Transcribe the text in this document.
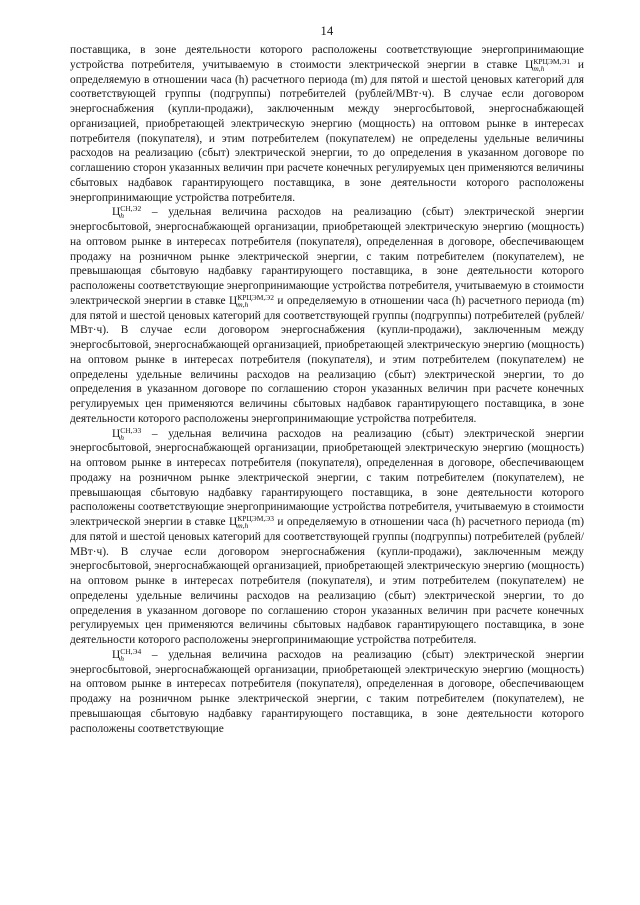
14

поставщика, в зоне деятельности которого расположены соответствующие энергопринимающие устройства потребителя, учитываемую в стоимости электрической энергии в ставке Ц КРЦЭМ,Э1
m,h	и определяемую в отношении часа (h) расчетного периода (m) для пятой и шестой ценовых категорий для соответствующей группы (подгруппы) потребителей (рублей/МВт·ч). В случае если договором энергоснабжения (купли-продажи), заключенным между энергосбытовой, энергоснабжающей организацией, приобретающей электрическую энергию (мощность) на оптовом рынке в интересах потребителя (покупателя), и этим потребителем (покупателем) не определены удельные величины расходов на реализацию (сбыт) электрической энергии, то до определения в указанном договоре по соглашению сторон указанных величин при расчете конечных регулируемых цен применяются величины сбытовых надбавок гарантирующего поставщика, в зоне деятельности которого расположены энергопринимающие устройства потребителя.

Ц СН,Э2
h	– удельная величина расходов на реализацию (сбыт) электрической энергии энергосбытовой, энергоснабжающей организации, приобретающей электрическую энергию (мощность) на оптовом рынке в интересах потребителя (покупателя), определенная в договоре, обеспечивающем продажу на розничном рынке электрической энергии, с таким потребителем (покупателем), не превышающая сбытовую надбавку гарантирующего поставщика, в зоне деятельности которого расположены соответствующие энергопринимающие устройства потребителя, учитываемую в стоимости электрической энергии в ставке Ц КРЦЭМ,Э2
m,h	и определяемую в отношении часа (h) расчетного периода (m) для пятой и шестой ценовых категорий для соответствующей группы (подгруппы) потребителей (рублей/МВт·ч). В случае если договором энергоснабжения (купли-продажи), заключенным между энергосбытовой, энергоснабжающей организацией, приобретающей электрическую энергию (мощность) на оптовом рынке в интересах потребителя (покупателя), и этим потребителем (покупателем) не определены удельные величины расходов на реализацию (сбыт) электрической энергии, то до определения в указанном договоре по соглашению сторон указанных величин при расчете конечных регулируемых цен применяются величины сбытовых надбавок гарантирующего поставщика, в зоне деятельности которого расположены энергопринимающие устройства потребителя.

Ц СН,Э3
h	– удельная величина расходов на реализацию (сбыт) электрической энергии энергосбытовой, энергоснабжающей организации, приобретающей электрическую энергию (мощность) на оптовом рынке в интересах потребителя (покупателя), определенная в договоре, обеспечивающем продажу на розничном рынке электрической энергии, с таким потребителем (покупателем), не превышающая сбытовую надбавку гарантирующего поставщика, в зоне деятельности которого расположены соответствующие энергопринимающие устройства потребителя, учитываемую в стоимости электрической энергии в ставке Ц КРЦЭМ,Э3
m,h	и определяемую в отношении часа (h) расчетного периода (m) для пятой и шестой ценовых категорий для соответствующей группы (подгруппы) потребителей (рублей/МВт·ч). В случае если договором энергоснабжения (купли-продажи), заключенным между энергосбытовой, энергоснабжающей организацией, приобретающей электрическую энергию (мощность) на оптовом рынке в интересах потребителя (покупателя), и этим потребителем (покупателем) не определены удельные величины расходов на реализацию (сбыт) электрической энергии, то до определения в указанном договоре по соглашению сторон указанных величин при расчете конечных регулируемых цен применяются величины сбытовых надбавок гарантирующего поставщика, в зоне деятельности которого расположены энергопринимающие устройства потребителя.

Ц СН,Э4
h	– удельная величина расходов на реализацию (сбыт) электрической энергии энергосбытовой, энергоснабжающей организации, приобретающей электрическую энергию (мощность) на оптовом рынке в интересах потребителя (покупателя), определенная в договоре, обеспечивающем продажу на розничном рынке электрической энергии, с таким потребителем (покупателем), не превышающая сбытовую надбавку гарантирующего поставщика, в зоне деятельности которого расположены соответствующие
